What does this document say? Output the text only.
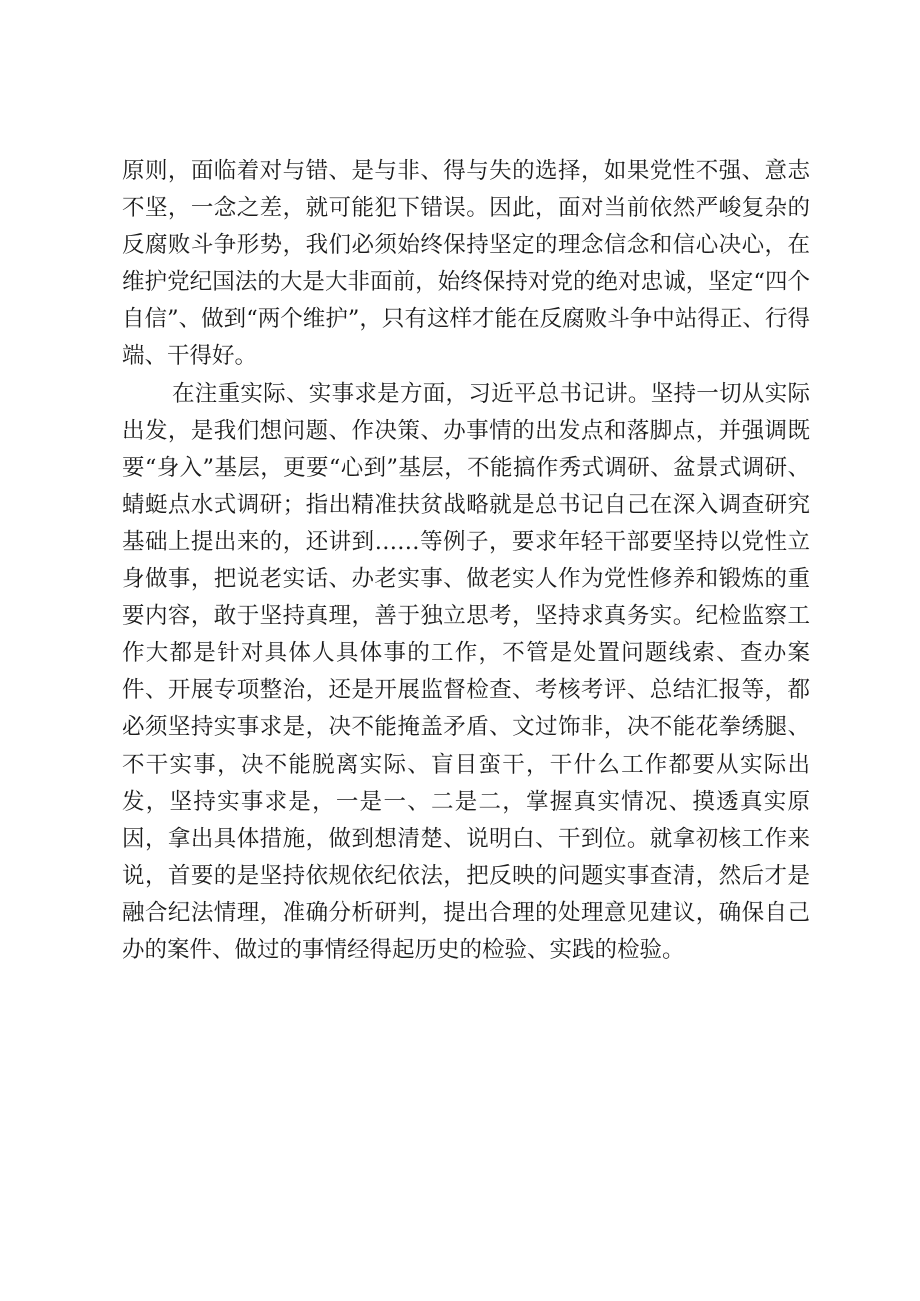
原则，面临着对与错、是与非、得与失的选择，如果党性不强、意志不坚，一念之差，就可能犯下错误。因此，面对当前依然严峻复杂的反腐败斗争形势，我们必须始终保持坚定的理念信念和信心决心，在维护党纪国法的大是大非面前，始终保持对党的绝对忠诚，坚定“四个自信”、做到“两个维护”，只有这样才能在反腐败斗争中站得正、行得端、干得好。

在注重实际、实事求是方面，习近平总书记讲。坚持一切从实际出发，是我们想问题、作决策、办事情的出发点和落脚点，并强调既要“身入”基层，更要“心到”基层，不能搞作秀式调研、盆景式调研、蜻蜓点水式调研；指出精准扶贫战略就是总书记自己在深入调查研究基础上提出来的，还讲到……等例子，要求年轻干部要坚持以党性立身做事，把说老实话、办老实事、做老实人作为党性修养和锻炼的重要内容，敢于坚持真理，善于独立思考，坚持求真务实。纪检监察工作大都是针对具体人具体事的工作，不管是处置问题线索、查办案件、开展专项整治，还是开展监督检查、考核考评、总结汇报等，都必须坚持实事求是，决不能掩盖矛盾、文过饰非，决不能花拳绣腿、不干实事，决不能脱离实际、盲目蛮干，干什么工作都要从实际出发，坚持实事求是，一是一、二是二，掌握真实情况、摸透真实原因，拿出具体措施，做到想清楚、说明白、干到位。就拿初核工作来说，首要的是坚持依规依纪依法，把反映的问题实事查清，然后才是融合纪法情理，准确分析研判，提出合理的处理意见建议，确保自己办的案件、做过的事情经得起历史的检验、实践的检验。
